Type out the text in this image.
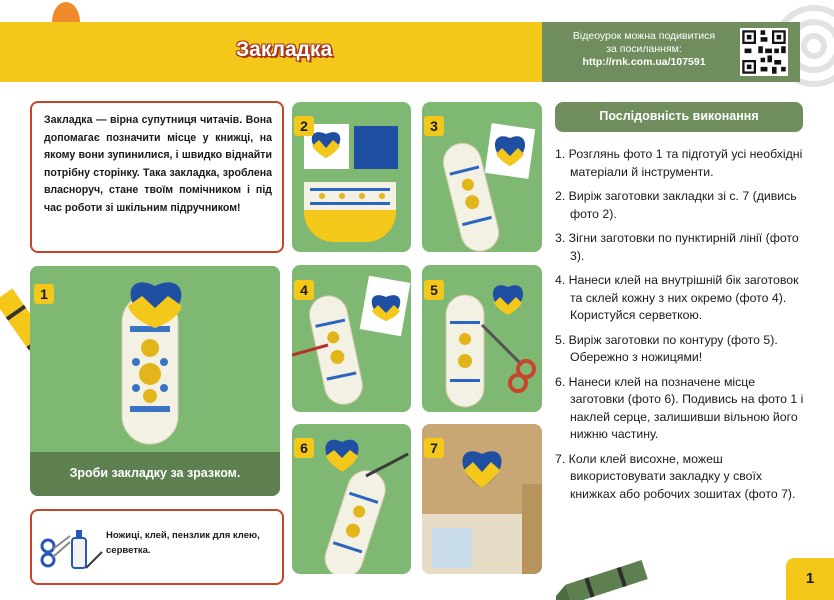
Закладка
Відеоурок можна подивитися
за посиланням:
http://rnk.com.ua/107591
Закладка — вірна супутниця читачів. Вона допомагає позначити місце у книжці, на якому вони зупинилися, і швидко віднайти потрібну сторінку. Така закладка, зроблена власноруч, стане твоїм помічником і під час роботи зі шкільним підручником!
1
Зроби закладку за зразком.
Ножиці, клей, пензлик для клею, серветка.
2	3
4	5
6	7
Послідовність виконання
1. Розглянь фото 1 та підготуй усі необхідні матеріали й інструменти.
2. Виріж заготовки закладки зі с. 7 (дивись фото 2).
3. Зігни заготовки по пунктирній лінії (фото 3).
4. Нанеси клей на внутрішній бік заготовок та склей кожну з них окремо (фото 4). Користуйся серветкою.
5. Виріж заготовки по контуру (фото 5). Обережно з ножицями!
6. Нанеси клей на позначене місце заготовки (фото 6). Подивись на фото 1 і наклей серце, залишивши вільною його нижню частину.
7. Коли клей висохне, можеш використовувати закладку у своїх книжках або робочих зошитах (фото 7).
1
